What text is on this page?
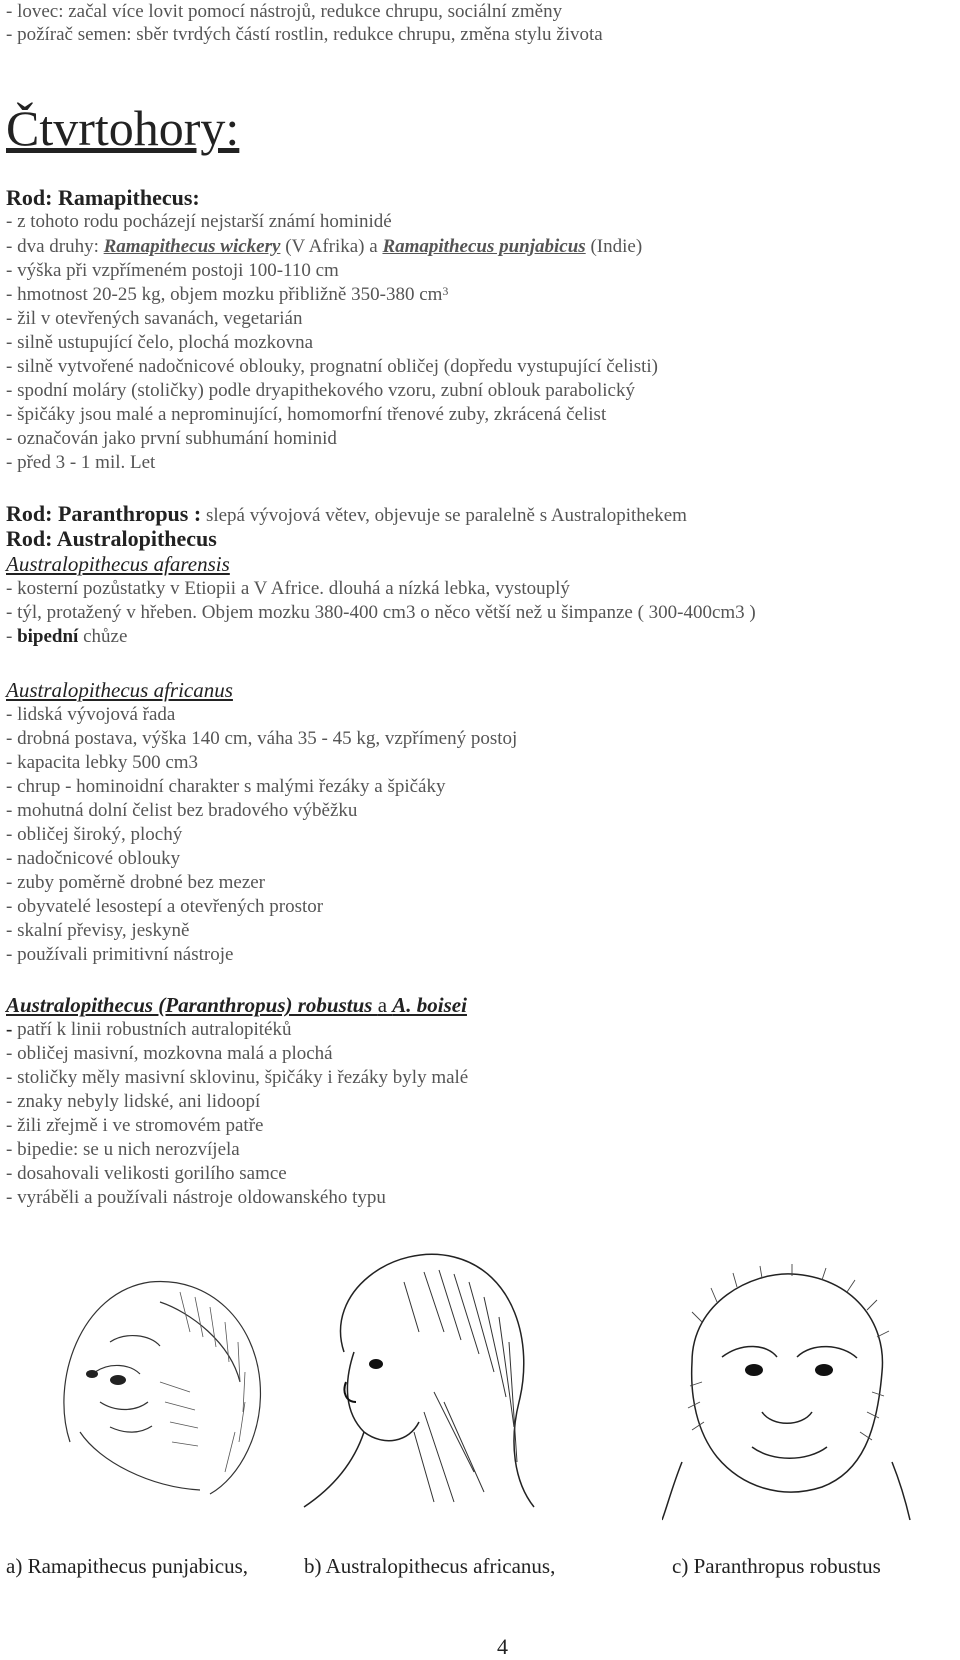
- lovec: začal více lovit pomocí nástrojů, redukce chrupu, sociální změny
- požírač semen: sběr tvrdých částí rostlin, redukce chrupu, změna stylu života
Čtvrtohory:
Rod: Ramapithecus:
- z tohoto rodu pocházejí nejstarší známí hominidé
- dva druhy: Ramapithecus wickery (V Afrika) a Ramapithecus punjabicus (Indie)
- výška při vzpřímeném postoji 100-110 cm
- hmotnost 20-25 kg, objem mozku přibližně 350-380 $cm^3$
- žil v otevřených savanách, vegetarián
- silně ustupující čelo, plochá mozkovna
- silně vytvořené nadočnicové oblouky, prognatní obličej (dopředu vystupující čelisti)
- spodní moláry (stoličky) podle dryapithekového vzoru, zubní oblouk parabolický
- špičáky jsou malé a neprominující, homomorfní třenové zuby, zkrácená čelist
- označován jako první subhumání hominid
- před 3 - 1 mil. Let
Rod: Paranthropus : slepá vývojová větev, objevuje se paralelně s Australopithekem
Rod: Australopithecus
Australopithecus afarensis
- kosterní pozůstatky v Etiopii a V Africe. dlouhá a nízká lebka, vystouplý
- týl, protažený v hřeben. Objem mozku 380-400 cm3 o něco větší než u šimpanze ( 300-400cm3 )
- bipední chůze
Australopithecus africanus
- lidská vývojová řada
- drobná postava, výška 140 cm, váha 35 - 45 kg, vzpřímený postoj
- kapacita lebky 500 cm3
- chrup - hominoidní charakter s malými řezáky a špičáky
- mohutná dolní čelist bez bradového výběžku
- obličej široký, plochý
- nadočnicové oblouky
- zuby poměrně drobné bez mezer
- obyvatelé lesostepí a otevřených prostor
- skalní převisy, jeskyně
- používali primitivní nástroje
Australopithecus (Paranthropus) robustus a A. boisei
- patří k linii robustních autralopitéků
- obličej masivní, mozkovna malá a plochá
- stoličky měly masivní sklovinu, špičáky i řezáky byly malé
- znaky nebyly lidské, ani lidoopí
- žili zřejmě i ve stromovém patře
- bipedie: se u nich nerozvíjela
- dosahovali velikosti gorilího samce
- vyráběli a používali nástroje oldowanského typu
a) Ramapithecus punjabicus,	b) Australopithecus africanus,	c) Paranthropus robustus
4
